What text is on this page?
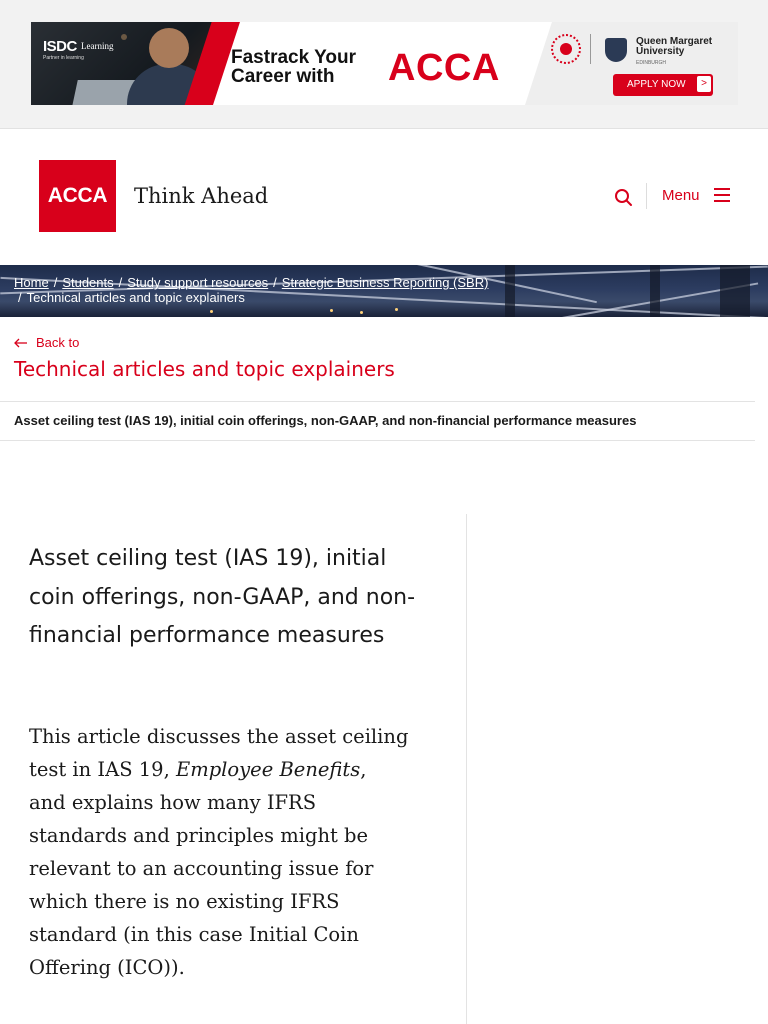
ISDC Learning
Partner in learning	Fastrack Your Career with	ACCA
Queen Margaret University
EDINBURGH
APPLY NOW	>
ACCA Think Ahead	Menu
Home / Students / Study support resources / Strategic Business Reporting (SBR)
/ Technical articles and topic explainers
Back to
Technical articles and topic explainers
Asset ceiling test (IAS 19), initial coin offerings, non-GAAP, and non-financial performance measures
Asset ceiling test (IAS 19), initial coin offerings, non-GAAP, and non-financial performance measures

This article discusses the asset ceiling test in IAS 19, Employee Benefits, and explains how many IFRS standards and principles might be relevant to an accounting issue for which there is no existing IFRS standard (in this case Initial Coin Offering (ICO)).
